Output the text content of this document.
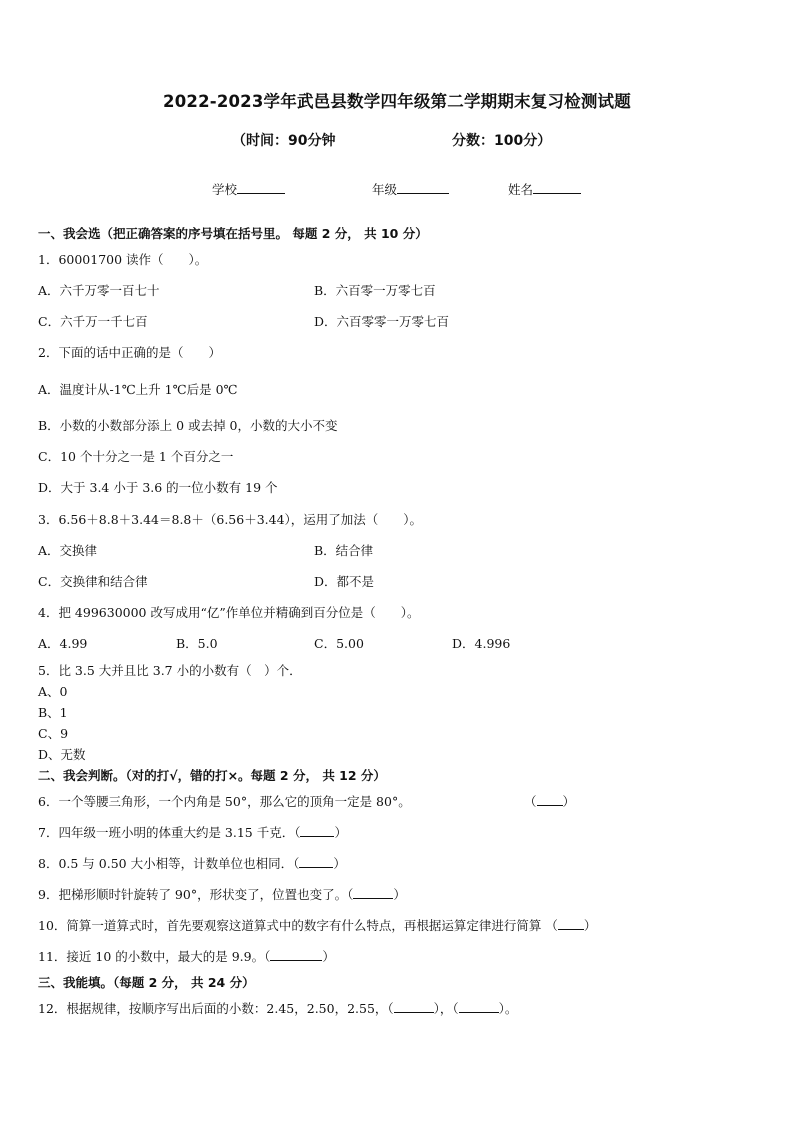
2022-2023学年武邑县数学四年级第二学期期末复习检测试题
（时间：90分钟	分数：100分）
学校	年级	姓名
一、我会选（把正确答案的序号填在括号里。 每题 2 分， 共 10 分）
1．60001700 读作（　　）。
A．六千万零一百七十	B．六百零一万零七百
C．六千万一千七百	D．六百零零一万零七百
2．下面的话中正确的是（　　）
A．温度计从-1℃上升 1℃后是 0℃
B．小数的小数部分添上 0 或去掉 0，小数的大小不变
C．10 个十分之一是 1 个百分之一
D．大于 3.4 小于 3.6 的一位小数有 19 个
3．6.56＋8.8＋3.44＝8.8＋（6.56＋3.44），运用了加法（　　）。
A．交换律	B．结合律
C．交换律和结合律	D．都不是
4．把 499630000 改写成用“亿”作单位并精确到百分位是（　　）。
A．4.99	B．5.0	C．5.00	D．4.996
5．比 3.5 大并且比 3.7 小的小数有（　）个．
A、0
B、1
C、9
D、无数
二、我会判断。（对的打√，错的打×。每题 2 分， 共 12 分）
6．一个等腰三角形，一个内角是 50°，那么它的顶角一定是 80°。	（ ）
7．四年级一班小明的体重大约是 3.15 千克．（	）
8．0.5 与 0.50 大小相等，计数单位也相同．（	）
9．把梯形顺时针旋转了 90°，形状变了，位置也变了。（	）
10．简算一道算式时，首先要观察这道算式中的数字有什么特点，再根据运算定律进行简算 （ ）
11．接近 10 的小数中，最大的是 9.9。（	）
三、我能填。（每题 2 分， 共 24 分）
12．根据规律，按顺序写出后面的小数：2.45，2.50，2.55，（	），（	）。
